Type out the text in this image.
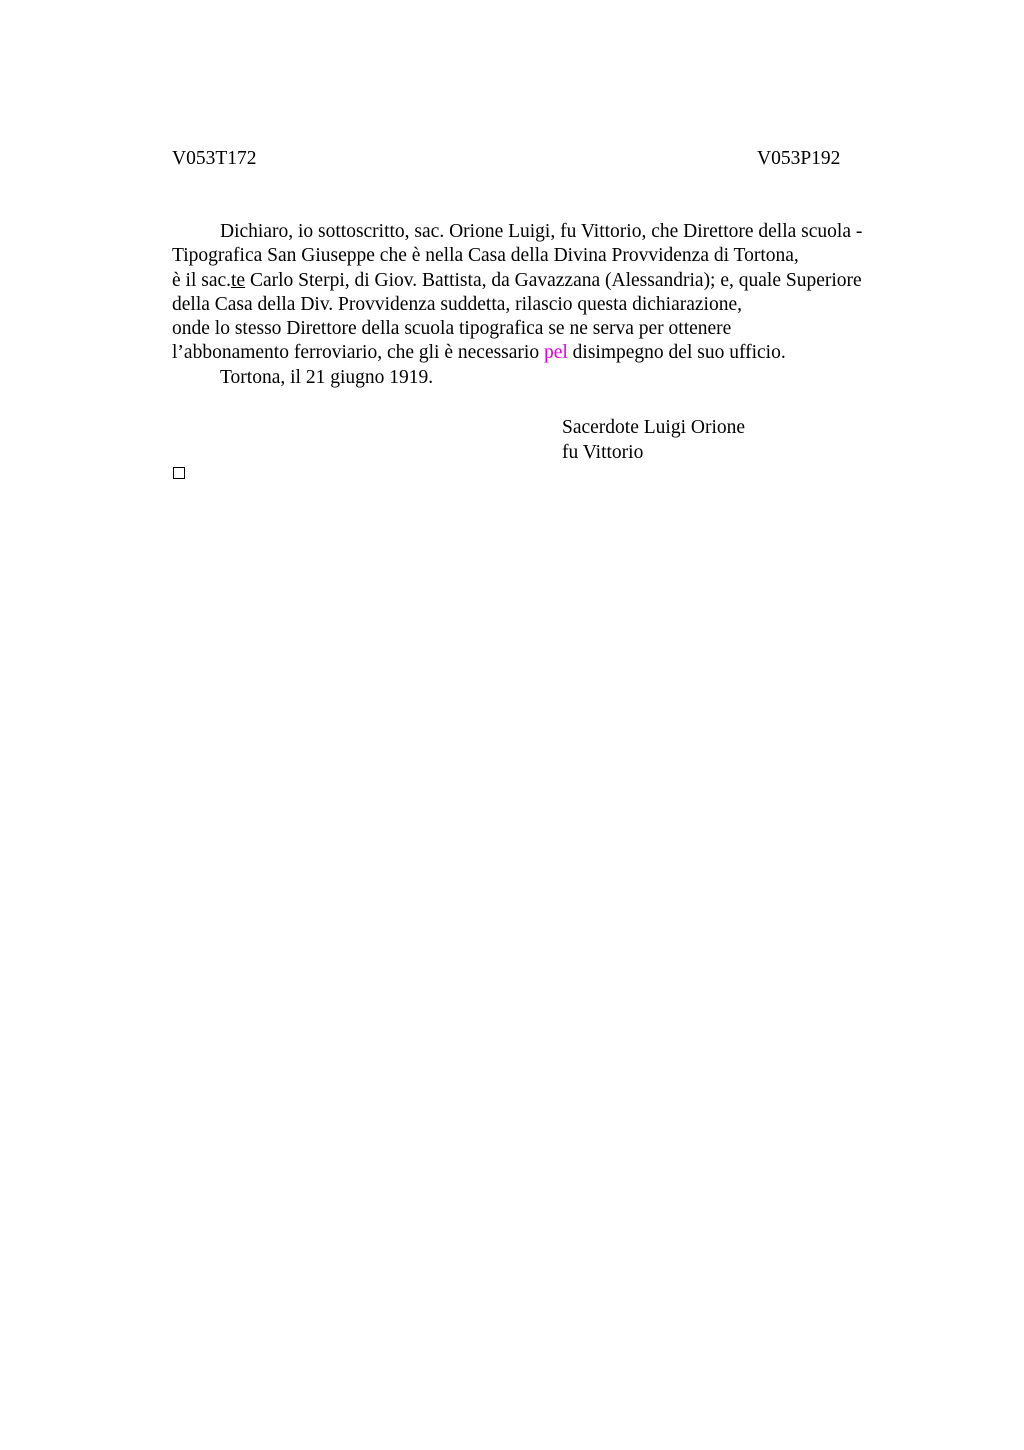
V053T172	V053P192
Dichiaro, io sottoscritto, sac. Orione Luigi, fu Vittorio, che Direttore della scuola -
Tipografica San Giuseppe che è nella Casa della Divina Provvidenza di Tortona,
è il sac.te Carlo Sterpi, di Giov. Battista, da Gavazzana (Alessandria); e, quale Superiore
della Casa della Div. Provvidenza suddetta, rilascio questa dichiarazione,
onde lo stesso Direttore della scuola tipografica se ne serva per ottenere
l’abbonamento ferroviario, che gli è necessario pel disimpegno del suo ufficio.
Tortona, il 21 giugno 1919.
Sacerdote Luigi Orione
fu Vittorio
